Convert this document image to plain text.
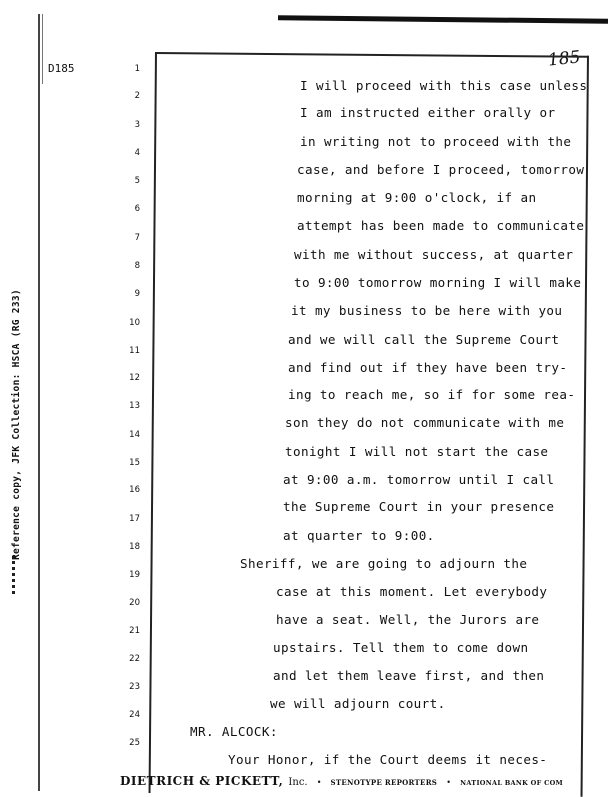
D185	185
Reference copy, JFK Collection: HSCA (RG 233)
1
2
3
4
5
6
7
8
9
10
11
12
13
14
15
16
17
18
19
20
21
22
23
24
25
I will proceed with this case unless
I am instructed either orally or
in writing not to proceed with the
case, and before I proceed, tomorrow
morning at 9:00 o'clock, if an
attempt has been made to communicate
with me without success, at quarter
to 9:00 tomorrow morning I will make
it my business to be here with you
and we will call the Supreme Court
and find out if they have been try-
ing to reach me, so if for some rea-
son they do not communicate with me
tonight I will not start the case
at 9:00 a.m. tomorrow until I call
the Supreme Court in your presence
at quarter to 9:00.
Sheriff, we are going to adjourn the
case at this moment. Let everybody
have a seat. Well, the Jurors are
upstairs. Tell them to come down
and let them leave first, and then
we will adjourn court.
MR. ALCOCK:
Your Honor, if the Court deems it neces-
DIETRICH & PICKETT, Inc. • STENOTYPE REPORTERS • NATIONAL BANK OF COM
